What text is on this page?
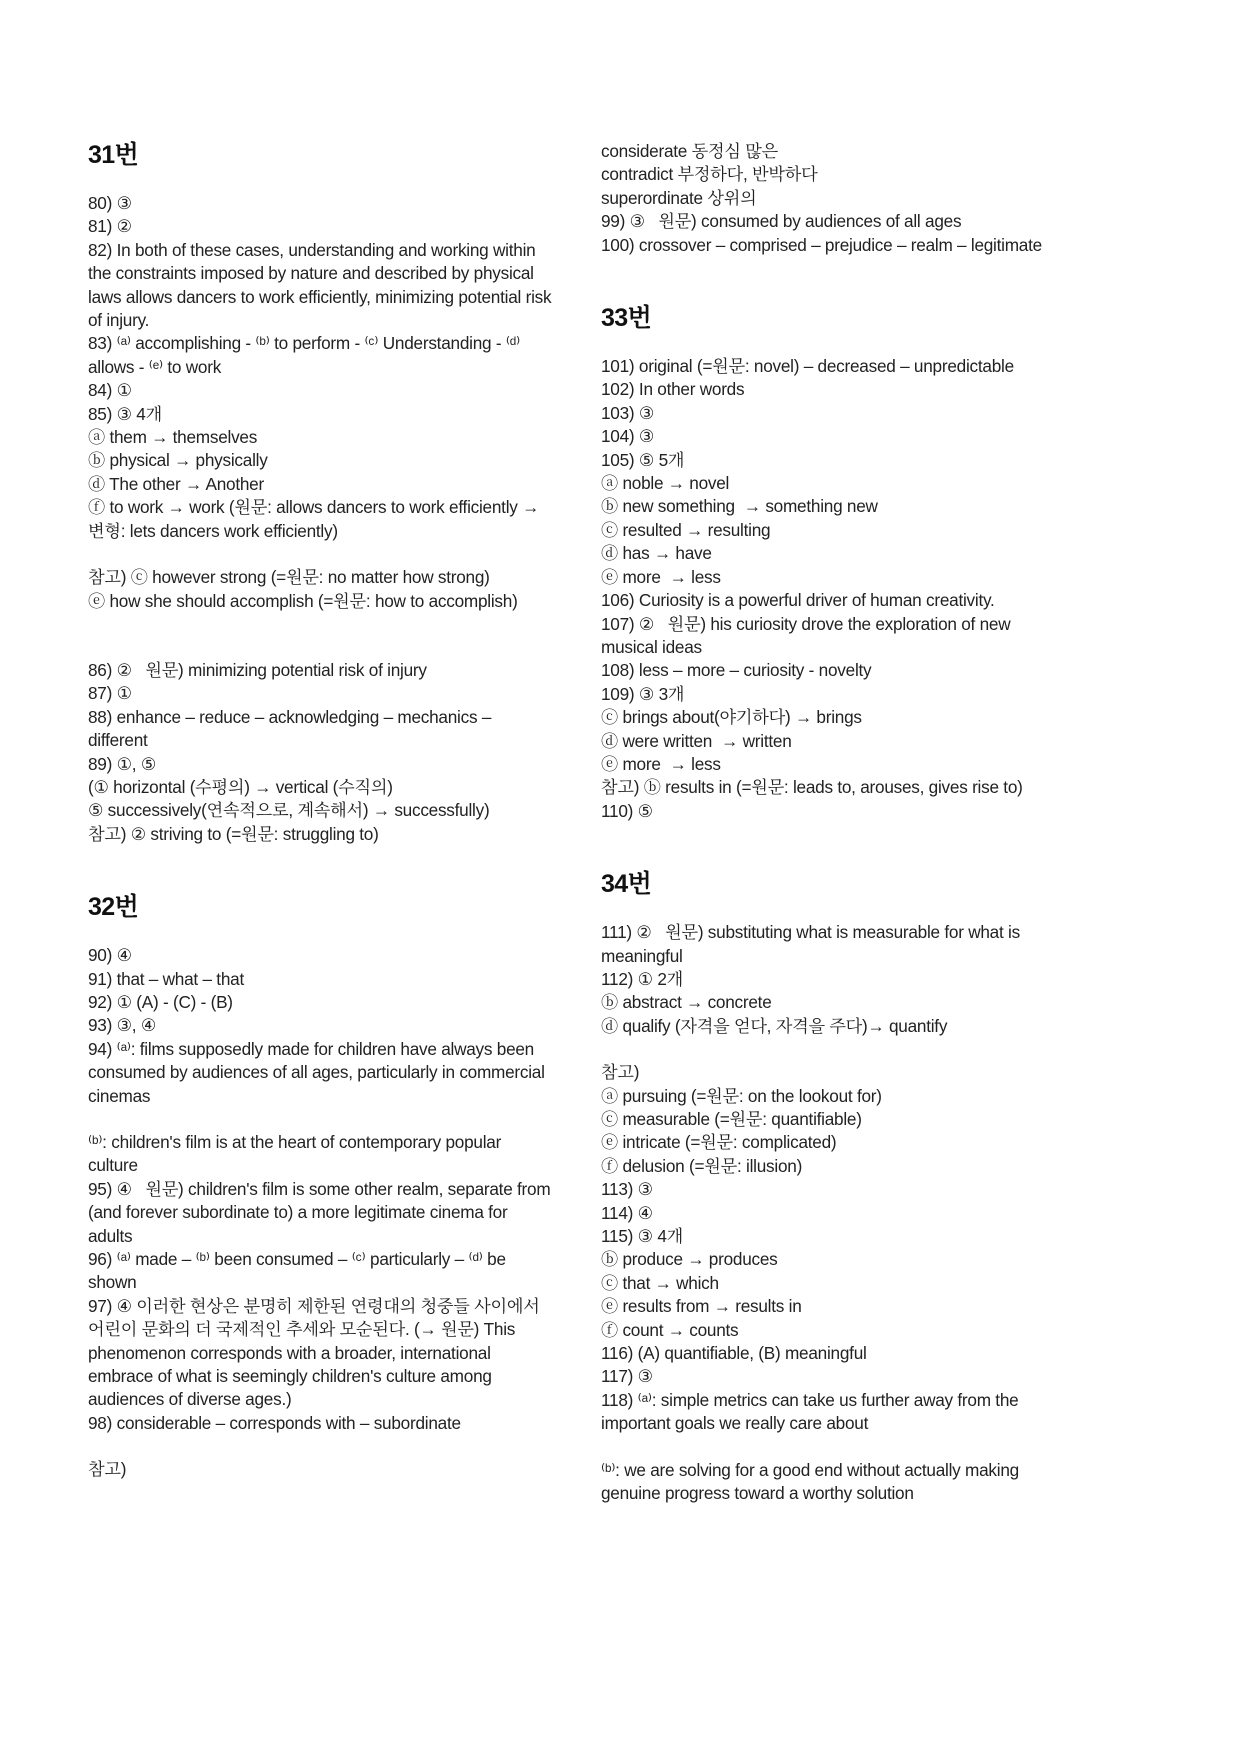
31번
80) ③
81) ②
82) In both of these cases, understanding and working within the constraints imposed by nature and described by physical laws allows dancers to work efficiently, minimizing potential risk of injury.
83) ⁽ᵃ⁾ accomplishing - ⁽ᵇ⁾ to perform - ⁽ᶜ⁾ Understanding - ⁽ᵈ⁾ allows - ⁽ᵉ⁾ to work
84) ①
85) ③ 4개
ⓐ them → themselves
ⓑ physical → physically
ⓓ The other → Another
ⓕ to work → work (원문: allows dancers to work efficiently → 변형: lets dancers work efficiently)
참고) ⓒ however strong (=원문: no matter how strong)
ⓔ how she should accomplish (=원문: how to accomplish)
86) ②   원문) minimizing potential risk of injury
87) ①
88) enhance – reduce – acknowledging – mechanics – different
89) ①, ⑤
(① horizontal (수평의) → vertical (수직의)
⑤ successively(연속적으로, 계속해서) → successfully)
참고) ② striving to (=원문: struggling to)
32번
90) ④
91) that – what – that
92) ① (A) - (C) - (B)
93) ③, ④
94) ⁽ᵃ⁾: films supposedly made for children have always been consumed by audiences of all ages, particularly in commercial cinemas
⁽ᵇ⁾: children's film is at the heart of contemporary popular culture
95) ④   원문) children's film is some other realm, separate from (and forever subordinate to) a more legitimate cinema for adults
96) ⁽ᵃ⁾ made – ⁽ᵇ⁾ been consumed – ⁽ᶜ⁾ particularly – ⁽ᵈ⁾ be shown
97) ④ 이러한 현상은 분명히 제한된 연령대의 청중들 사이에서 어린이 문화의 더 국제적인 추세와 모순된다. (→ 원문) This phenomenon corresponds with a broader, international embrace of what is seemingly children's culture among audiences of diverse ages.)
98) considerable – corresponds with – subordinate
참고)
considerate 동정심 많은
contradict 부정하다, 반박하다
superordinate 상위의
99) ③   원문) consumed by audiences of all ages
100) crossover – comprised – prejudice – realm – legitimate
33번
101) original (=원문: novel) – decreased – unpredictable
102) In other words
103) ③
104) ③
105) ⑤ 5개
ⓐ noble → novel
ⓑ new something  → something new
ⓒ resulted → resulting
ⓓ has → have
ⓔ more  → less
106) Curiosity is a powerful driver of human creativity.
107) ②   원문) his curiosity drove the exploration of new musical ideas
108) less – more – curiosity - novelty
109) ③ 3개
ⓒ brings about(야기하다) → brings
ⓓ were written  → written
ⓔ more  → less
참고) ⓑ results in (=원문: leads to, arouses, gives rise to)
110) ⑤
34번
111) ②   원문) substituting what is measurable for what is meaningful
112) ① 2개
ⓑ abstract → concrete
ⓓ qualify (자격을 얻다, 자격을 주다)→ quantify
참고)
ⓐ pursuing (=원문: on the lookout for)
ⓒ measurable (=원문: quantifiable)
ⓔ intricate (=원문: complicated)
ⓕ delusion (=원문: illusion)
113) ③
114) ④
115) ③ 4개
ⓑ produce → produces
ⓒ that → which
ⓔ results from → results in
ⓕ count → counts
116) (A) quantifiable, (B) meaningful
117) ③
118) ⁽ᵃ⁾: simple metrics can take us further away from the important goals we really care about
⁽ᵇ⁾: we are solving for a good end without actually making genuine progress toward a worthy solution
